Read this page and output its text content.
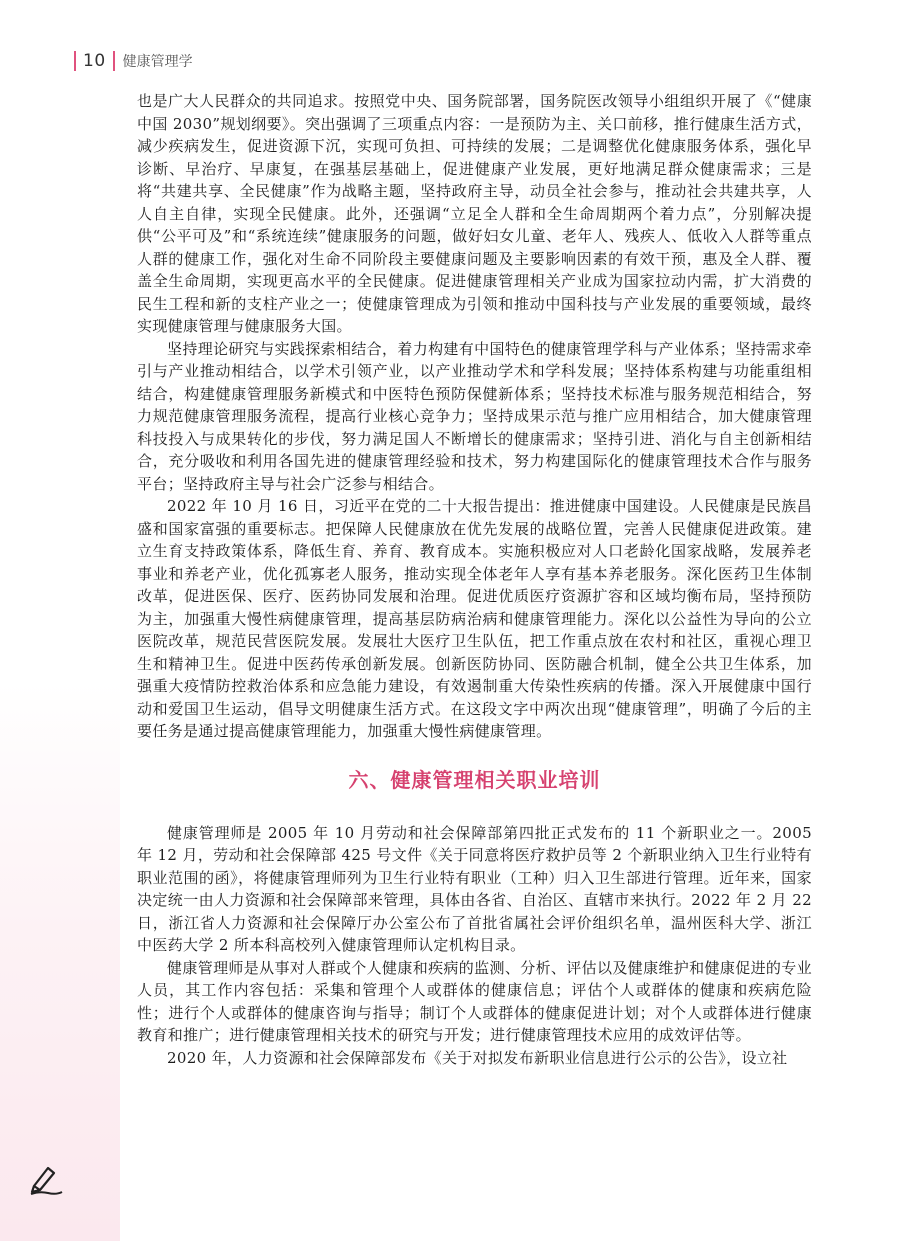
10 健康管理学

也是广大人民群众的共同追求。按照党中央、国务院部署，国务院医改领导小组组织开展了《“健康中国 2030”规划纲要》。突出强调了三项重点内容：一是预防为主、关口前移，推行健康生活方式，减少疾病发生，促进资源下沉，实现可负担、可持续的发展；二是调整优化健康服务体系，强化早诊断、早治疗、早康复，在强基层基础上，促进健康产业发展，更好地满足群众健康需求；三是将“共建共享、全民健康”作为战略主题，坚持政府主导，动员全社会参与，推动社会共建共享，人人自主自律，实现全民健康。此外，还强调“立足全人群和全生命周期两个着力点”，分别解决提供“公平可及”和“系统连续”健康服务的问题，做好妇女儿童、老年人、残疾人、低收入人群等重点人群的健康工作，强化对生命不同阶段主要健康问题及主要影响因素的有效干预，惠及全人群、覆盖全生命周期，实现更高水平的全民健康。促进健康管理相关产业成为国家拉动内需，扩大消费的民生工程和新的支柱产业之一；使健康管理成为引领和推动中国科技与产业发展的重要领域，最终实现健康管理与健康服务大国。

坚持理论研究与实践探索相结合，着力构建有中国特色的健康管理学科与产业体系；坚持需求牵引与产业推动相结合，以学术引领产业，以产业推动学术和学科发展；坚持体系构建与功能重组相结合，构建健康管理服务新模式和中医特色预防保健新体系；坚持技术标准与服务规范相结合，努力规范健康管理服务流程，提高行业核心竞争力；坚持成果示范与推广应用相结合，加大健康管理科技投入与成果转化的步伐，努力满足国人不断增长的健康需求；坚持引进、消化与自主创新相结合，充分吸收和利用各国先进的健康管理经验和技术，努力构建国际化的健康管理技术合作与服务平台；坚持政府主导与社会广泛参与相结合。

2022 年 10 月 16 日，习近平在党的二十大报告提出：推进健康中国建设。人民健康是民族昌盛和国家富强的重要标志。把保障人民健康放在优先发展的战略位置，完善人民健康促进政策。建立生育支持政策体系，降低生育、养育、教育成本。实施积极应对人口老龄化国家战略，发展养老事业和养老产业，优化孤寡老人服务，推动实现全体老年人享有基本养老服务。深化医药卫生体制改革，促进医保、医疗、医药协同发展和治理。促进优质医疗资源扩容和区域均衡布局，坚持预防为主，加强重大慢性病健康管理，提高基层防病治病和健康管理能力。深化以公益性为导向的公立医院改革，规范民营医院发展。发展壮大医疗卫生队伍，把工作重点放在农村和社区，重视心理卫生和精神卫生。促进中医药传承创新发展。创新医防协同、医防融合机制，健全公共卫生体系，加强重大疫情防控救治体系和应急能力建设，有效遏制重大传染性疾病的传播。深入开展健康中国行动和爱国卫生运动，倡导文明健康生活方式。在这段文字中两次出现“健康管理”，明确了今后的主要任务是通过提高健康管理能力，加强重大慢性病健康管理。

六、健康管理相关职业培训

健康管理师是 2005 年 10 月劳动和社会保障部第四批正式发布的 11 个新职业之一。2005 年 12 月，劳动和社会保障部 425 号文件《关于同意将医疗救护员等 2 个新职业纳入卫生行业特有职业范围的函》，将健康管理师列为卫生行业特有职业（工种）归入卫生部进行管理。近年来，国家决定统一由人力资源和社会保障部来管理，具体由各省、自治区、直辖市来执行。2022 年 2 月 22 日，浙江省人力资源和社会保障厅办公室公布了首批省属社会评价组织名单，温州医科大学、浙江中医药大学 2 所本科高校列入健康管理师认定机构目录。

健康管理师是从事对人群或个人健康和疾病的监测、分析、评估以及健康维护和健康促进的专业人员，其工作内容包括：采集和管理个人或群体的健康信息；评估个人或群体的健康和疾病危险性；进行个人或群体的健康咨询与指导；制订个人或群体的健康促进计划；对个人或群体进行健康教育和推广；进行健康管理相关技术的研究与开发；进行健康管理技术应用的成效评估等。

2020 年，人力资源和社会保障部发布《关于对拟发布新职业信息进行公示的公告》，设立社
